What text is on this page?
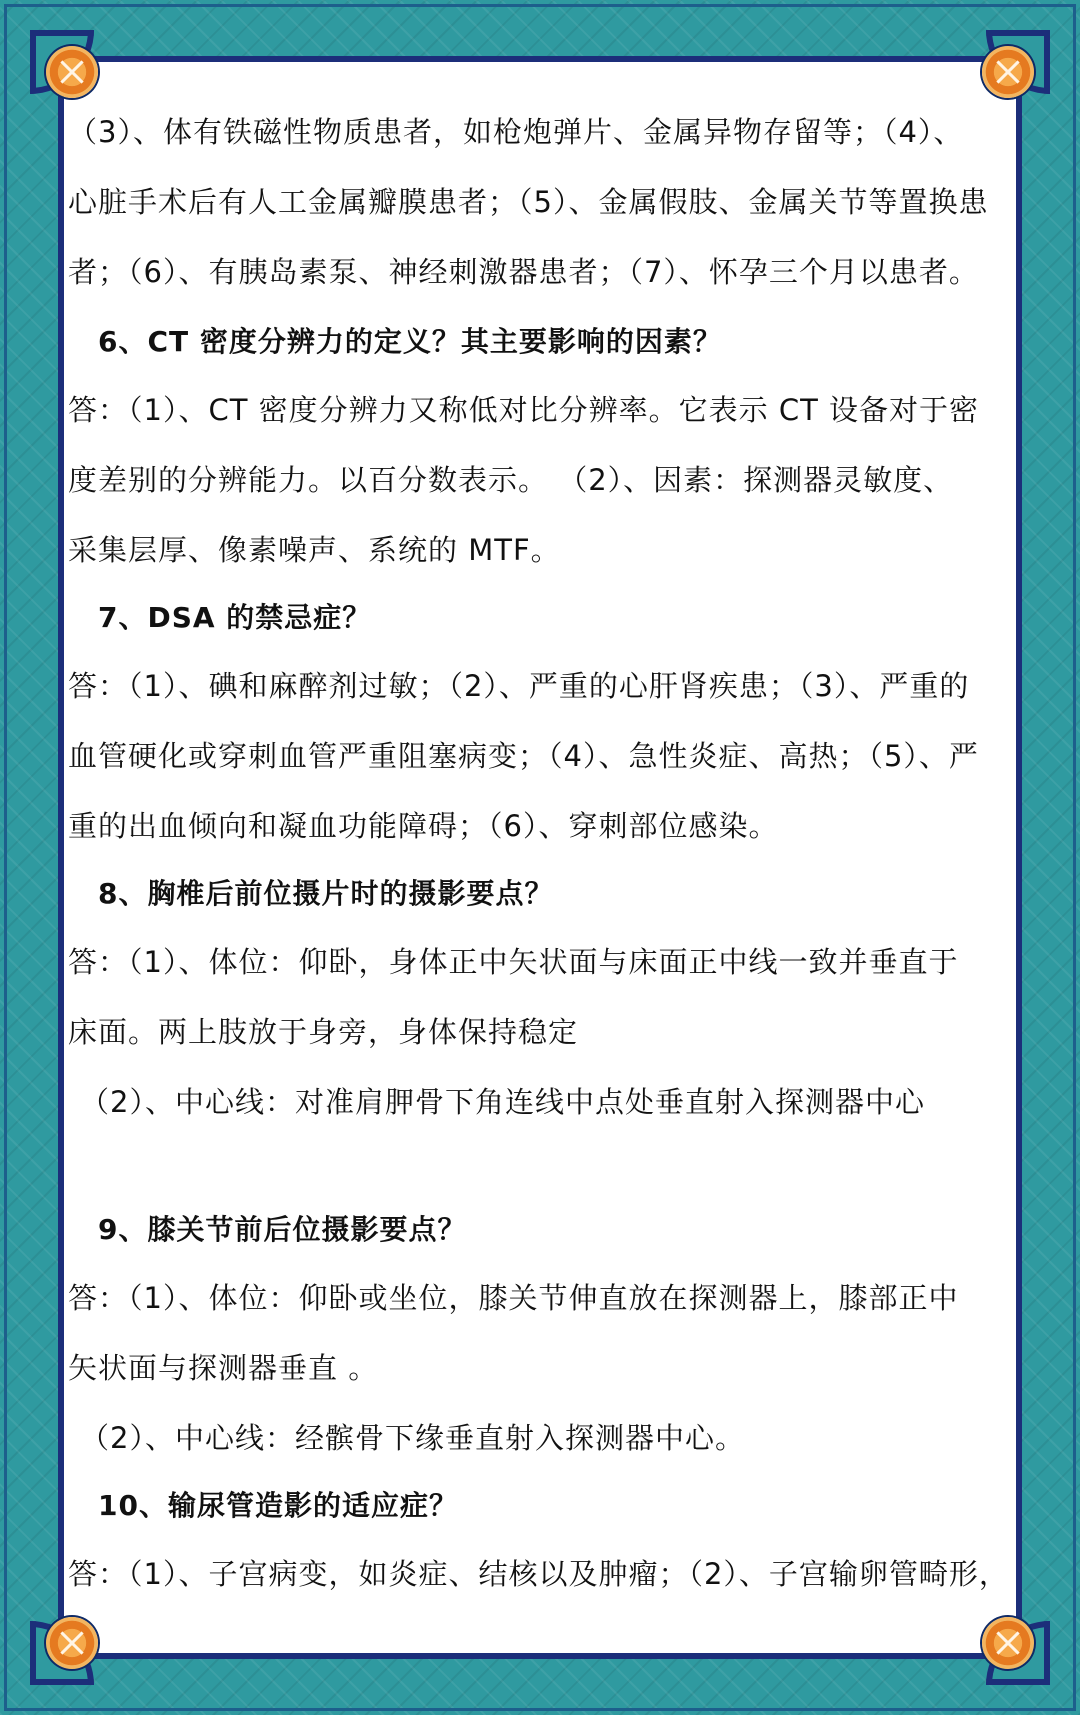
（3）、体有铁磁性物质患者，如枪炮弹片、金属异物存留等；（4）、
心脏手术后有人工金属瓣膜患者；（5）、金属假肢、金属关节等置换患
者；（6）、有胰岛素泵、神经刺激器患者；（7）、怀孕三个月以患者。
6、CT 密度分辨力的定义？其主要影响的因素？
答：（1）、CT 密度分辨力又称低对比分辨率。它表示 CT 设备对于密
度差别的分辨能力。以百分数表示。 （2）、因素：探测器灵敏度、
采集层厚、像素噪声、系统的 MTF。
7、DSA 的禁忌症？
答：（1）、碘和麻醉剂过敏；（2）、严重的心肝肾疾患；（3）、严重的
血管硬化或穿刺血管严重阻塞病变；（4）、急性炎症、高热；（5）、严
重的出血倾向和凝血功能障碍；（6）、穿刺部位感染。
8、胸椎后前位摄片时的摄影要点？
答：（1）、体位：仰卧，身体正中矢状面与床面正中线一致并垂直于
床面。两上肢放于身旁，身体保持稳定
（2）、中心线：对准肩胛骨下角连线中点处垂直射入探测器中心
9、膝关节前后位摄影要点？
答：（1）、体位：仰卧或坐位，膝关节伸直放在探测器上，膝部正中
矢状面与探测器垂直 。
（2）、中心线：经髌骨下缘垂直射入探测器中心。
10、输尿管造影的适应症？
答：（1）、子宫病变，如炎症、结核以及肿瘤；（2）、子宫输卵管畸形，
